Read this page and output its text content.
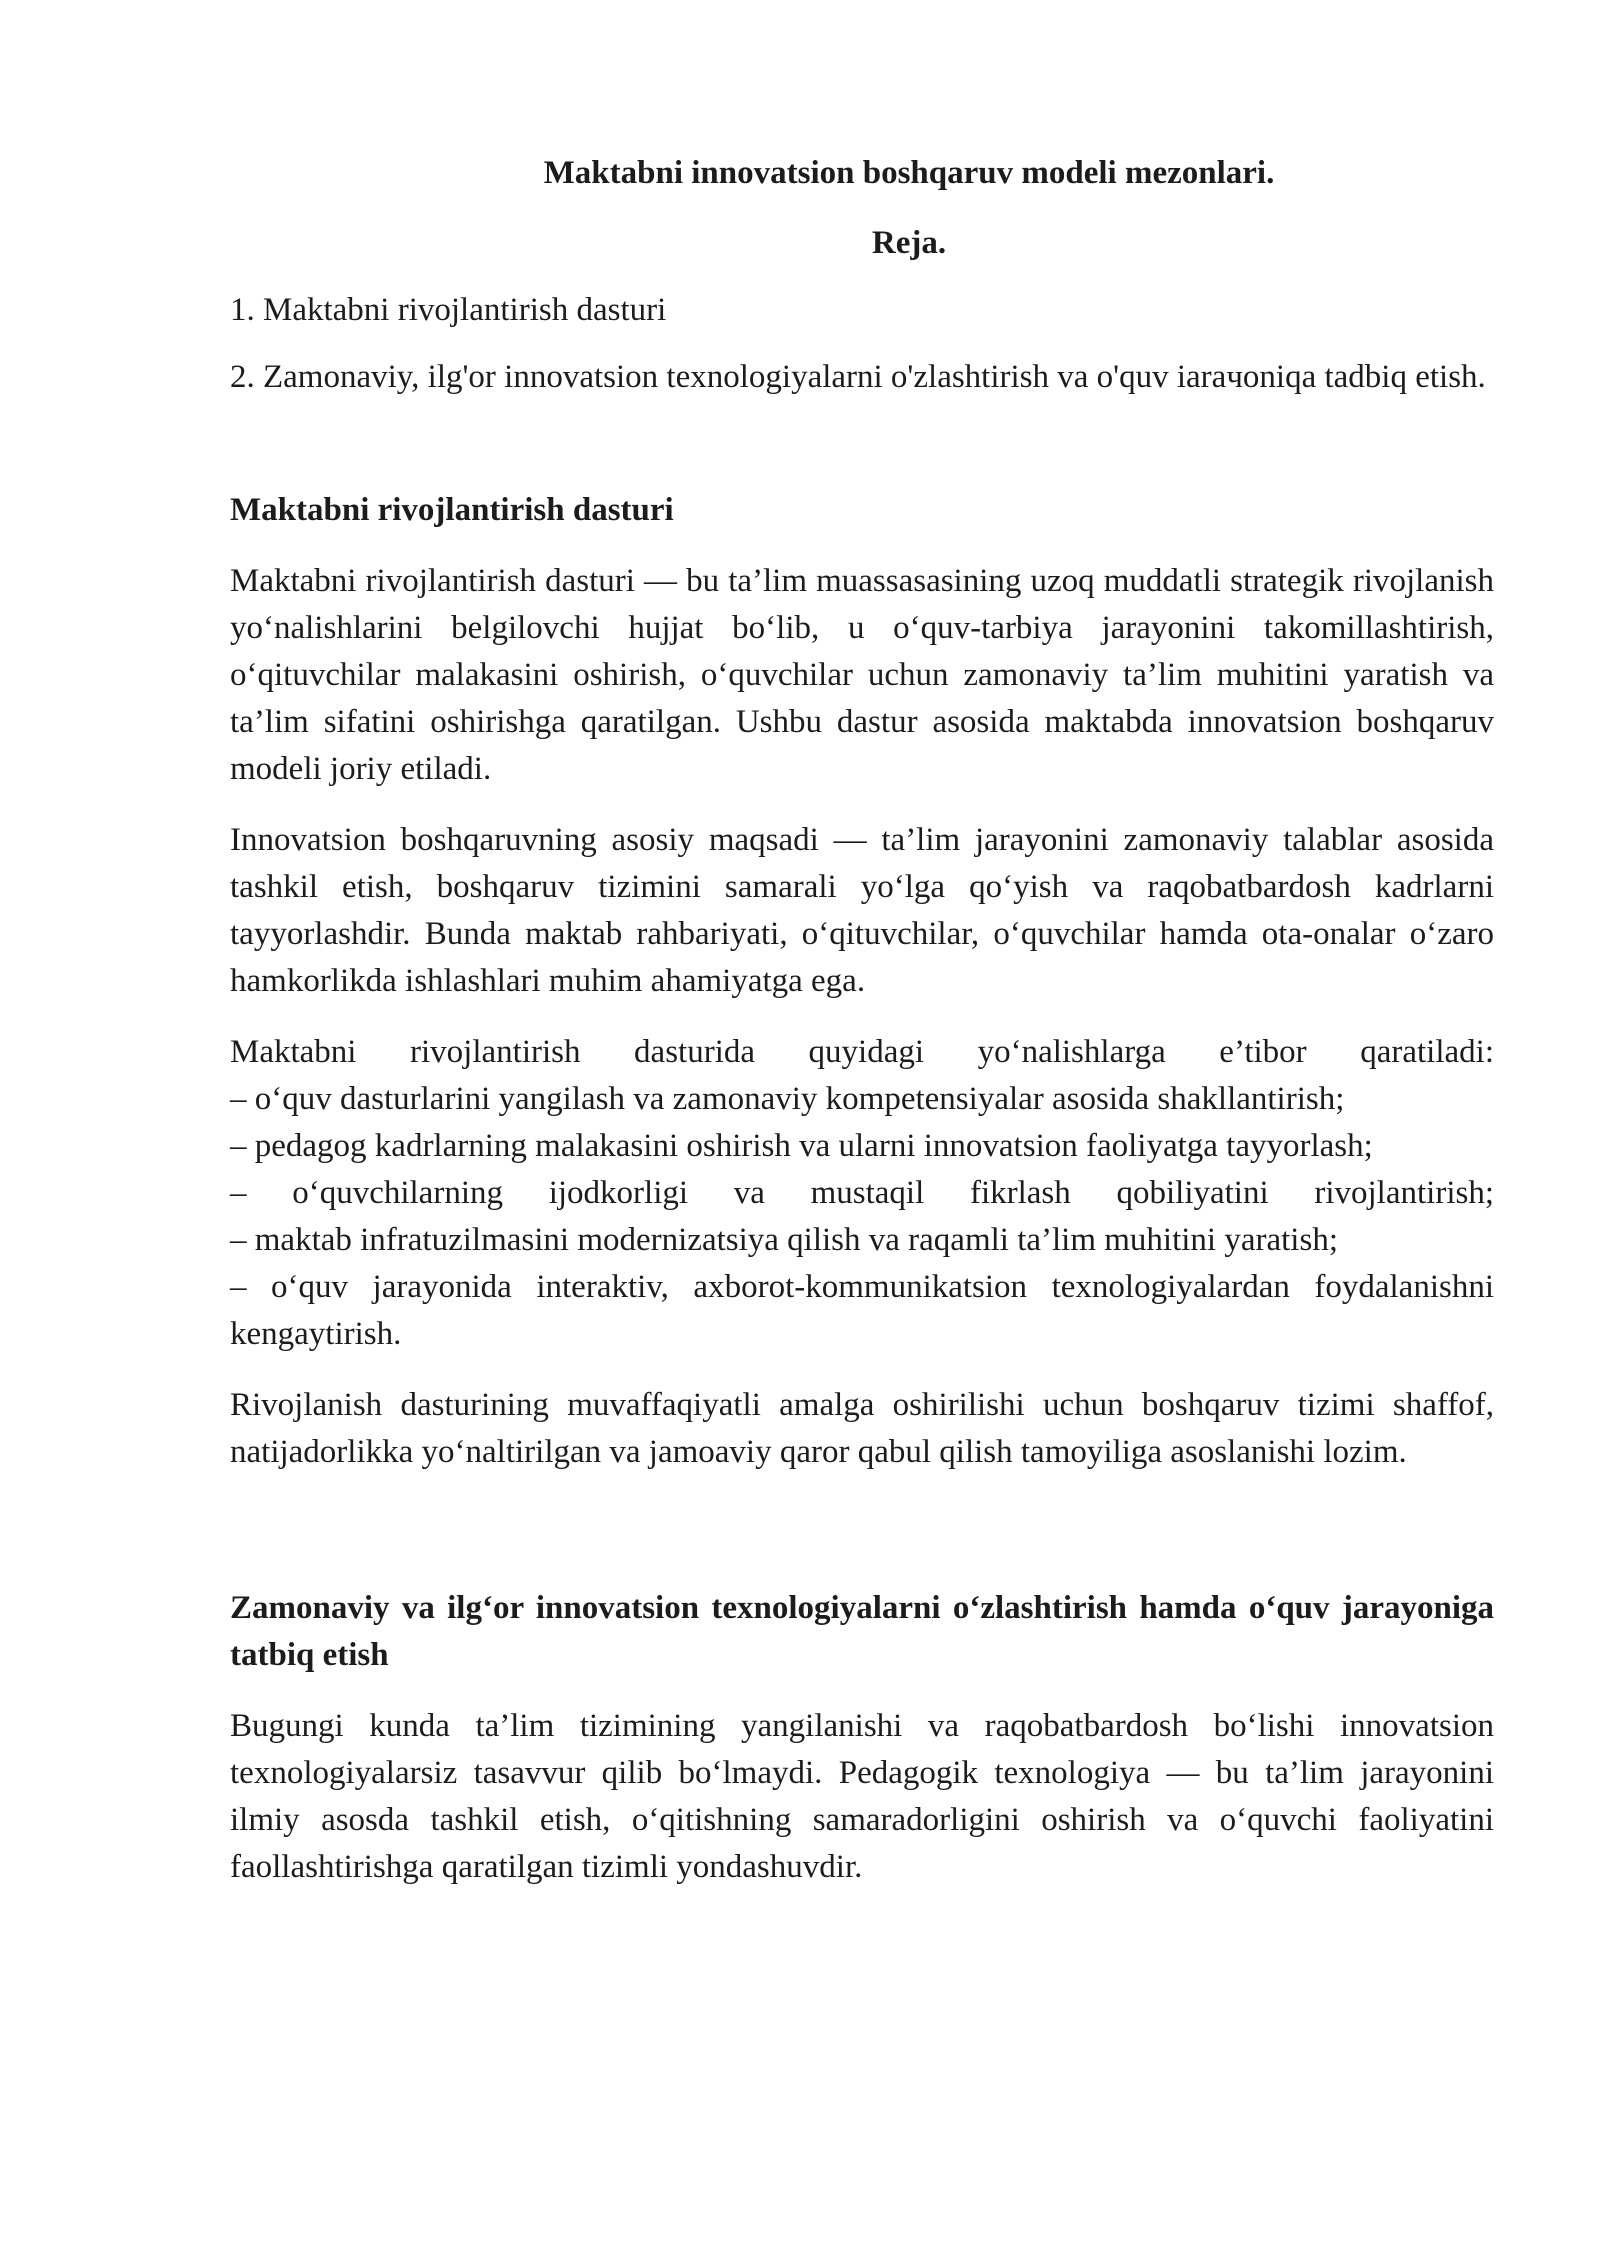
Maktabni innovatsion boshqaruv modeli mezonlari.
Reja.
1. Maktabni rivojlantirish dasturi
2. Zamonaviy, ilg'or innovatsion texnologiyalarni o'zlashtirish va o'quv iaraчoniqa tadbiq etish.
Maktabni rivojlantirish dasturi

Maktabni rivojlantirish dasturi — bu ta’lim muassasasining uzoq muddatli strategik rivojlanish yo‘nalishlarini belgilovchi hujjat bo‘lib, u o‘quv-tarbiya jarayonini takomillashtirish, o‘qituvchilar malakasini oshirish, o‘quvchilar uchun zamonaviy ta’lim muhitini yaratish va ta’lim sifatini oshirishga qaratilgan. Ushbu dastur asosida maktabda innovatsion boshqaruv modeli joriy etiladi.

Innovatsion boshqaruvning asosiy maqsadi — ta’lim jarayonini zamonaviy talablar asosida tashkil etish, boshqaruv tizimini samarali yo‘lga qo‘yish va raqobatbardosh kadrlarni tayyorlashdir. Bunda maktab rahbariyati, o‘qituvchilar, o‘quvchilar hamda ota-onalar o‘zaro hamkorlikda ishlashlari muhim ahamiyatga ega.

Maktabni rivojlantirish dasturida quyidagi yo‘nalishlarga e’tibor qaratiladi:
– o‘quv dasturlarini yangilash va zamonaviy kompetensiyalar asosida shakllantirish;
– pedagog kadrlarning malakasini oshirish va ularni innovatsion faoliyatga tayyorlash;
– o‘quvchilarning ijodkorligi va mustaqil fikrlash qobiliyatini rivojlantirish;
– maktab infratuzilmasini modernizatsiya qilish va raqamli ta’lim muhitini yaratish;
– o‘quv jarayonida interaktiv, axborot-kommunikatsion texnologiyalardan foydalanishni kengaytirish.

Rivojlanish dasturining muvaffaqiyatli amalga oshirilishi uchun boshqaruv tizimi shaffof, natijadorlikka yo‘naltirilgan va jamoaviy qaror qabul qilish tamoyiliga asoslanishi lozim.

Zamonaviy va ilg‘or innovatsion texnologiyalarni o‘zlashtirish hamda o‘quv jarayoniga tatbiq etish

Bugungi kunda ta’lim tizimining yangilanishi va raqobatbardosh bo‘lishi innovatsion texnologiyalarsiz tasavvur qilib bo‘lmaydi. Pedagogik texnologiya — bu ta’lim jarayonini ilmiy asosda tashkil etish, o‘qitishning samaradorligini oshirish va o‘quvchi faoliyatini faollashtirishga qaratilgan tizimli yondashuvdir.
